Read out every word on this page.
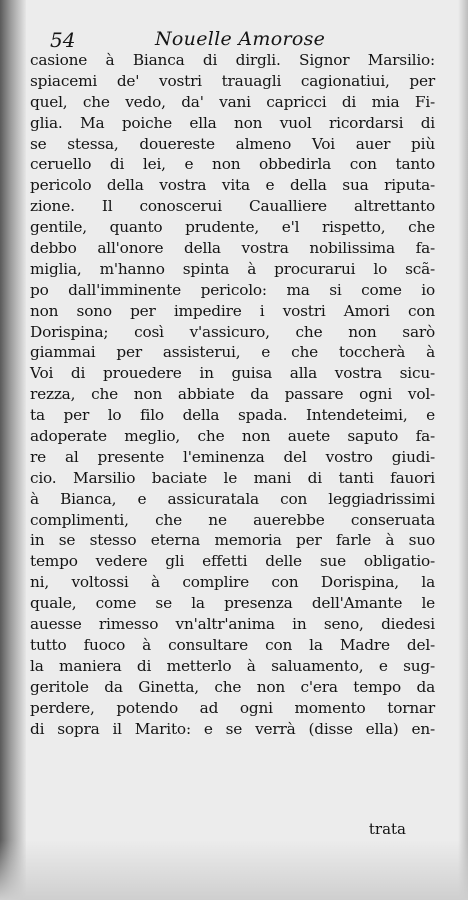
54	Nouelle Amorose
casione à Bianca di dirgli. Signor Marsilio:
spiacemi de' vostri trauagli cagionatiui, per
quel, che vedo, da' vani capricci di mia Fi-
glia. Ma poiche ella non vuol ricordarsi di
se stessa, douereste almeno Voi auer più
ceruello di lei, e non obbedirla con tanto
pericolo della vostra vita e della sua riputa-
zione. Il conoscerui Caualliere altrettanto
gentile, quanto prudente, e'l rispetto, che
debbo all'onore della vostra nobilissima fa-
miglia, m'hanno spinta à procurarui lo scã-
po dall'imminente pericolo: ma si come io
non sono per impedire i vostri Amori con
Dorispina; così v'assicuro, che non sarò
giammai per assisterui, e che toccherà à
Voi di prouedere in guisa alla vostra sicu-
rezza, che non abbiate da passare ogni vol-
ta per lo filo della spada. Intendeteimi, e
adoperate meglio, che non auete saputo fa-
re al presente l'eminenza del vostro giudi-
cio. Marsilio baciate le mani di tanti fauori
à Bianca, e assicuratala con leggiadrissimi
complimenti, che ne auerebbe conseruata
in se stesso eterna memoria per farle à suo
tempo vedere gli effetti delle sue obligatio-
ni, voltossi à complire con Dorispina, la
quale, come se la presenza dell'Amante le
auesse rimesso vn'altr'anima in seno, diedesi
tutto fuoco à consultare con la Madre del-
la maniera di metterlo à saluamento, e sug-
geritole da Ginetta, che non c'era tempo da
perdere, potendo ad ogni momento tornar
di sopra il Marito: e se verrà (disse ella) en-
trata
